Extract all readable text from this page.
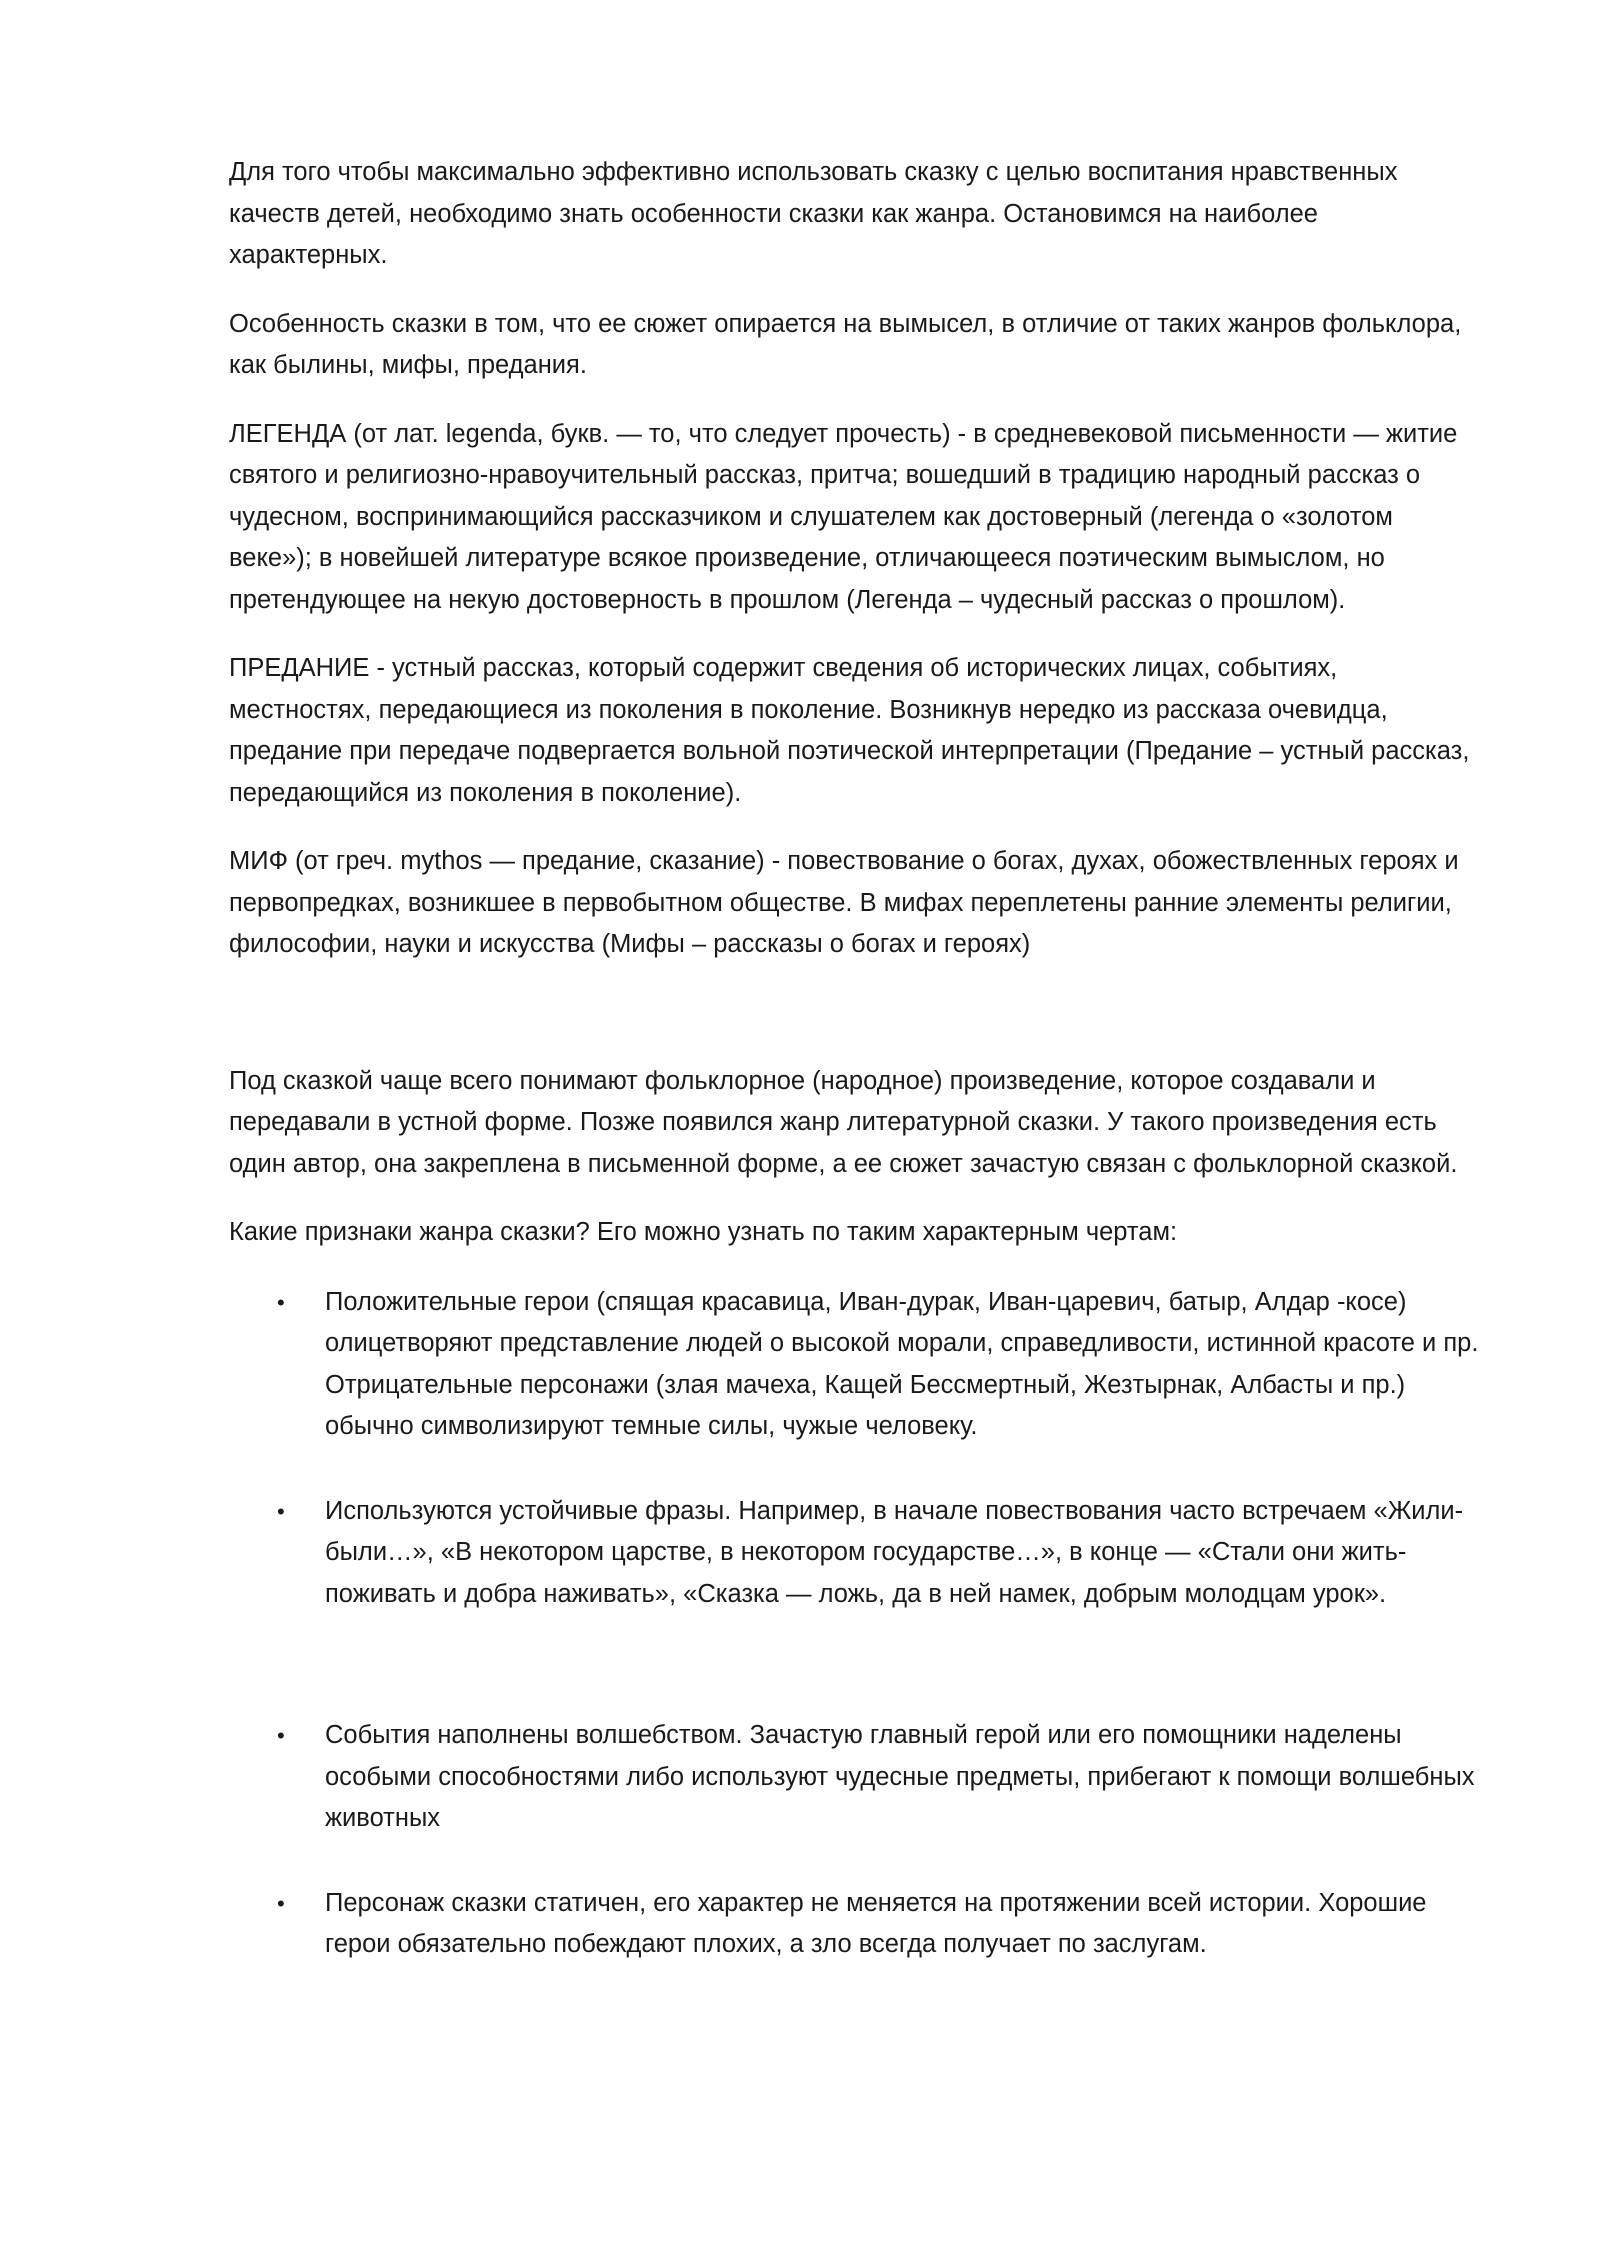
Для того чтобы максимально эффективно использовать сказку с целью воспитания нравственных качеств детей, необходимо знать особенности сказки как жанра. Остановимся на наиболее характерных.

Особенность сказки в том, что ее сюжет опирается на вымысел, в отличие от таких жанров фольклора, как былины, мифы, предания.

ЛЕГЕНДА (от лат. legenda, букв. — то, что следует прочесть) - в средневековой письменности — житие святого и религиозно-нравоучительный рассказ, притча; вошедший в традицию народный рассказ о чудесном, воспринимающийся рассказчиком и слушателем как достоверный (легенда о «золотом веке»); в новейшей литературе всякое произведение, отличающееся поэтическим вымыслом, но претендующее на некую достоверность в прошлом (Легенда – чудесный рассказ о прошлом).

ПРЕДАНИЕ - устный рассказ, который содержит сведения об исторических лицах, событиях, местностях, передающиеся из поколения в поколение. Возникнув нередко из рассказа очевидца, предание при передаче подвергается вольной поэтической интерпретации (Предание – устный рассказ, передающийся из поколения в поколение).

МИФ (от греч. mythos — предание, сказание) - повествование о богах, духах, обожествленных героях и первопредках, возникшее в первобытном обществе. В мифах переплетены ранние элементы религии, философии, науки и искусства (Мифы – рассказы о богах и героях)

Под сказкой чаще всего понимают фольклорное (народное) произведение, которое создавали и передавали в устной форме. Позже появился жанр литературной сказки. У такого произведения есть один автор, она закреплена в письменной форме, а ее сюжет зачастую связан с фольклорной сказкой.

Какие признаки жанра сказки? Его можно узнать по таким характерным чертам:

• Положительные герои (спящая красавица, Иван-дурак, Иван-царевич, батыр, Алдар -косе) олицетворяют представление людей о высокой морали, справедливости, истинной красоте и пр. Отрицательные персонажи (злая мачеха, Кащей Бессмертный, Жезтырнак, Албасты и пр.) обычно символизируют темные силы, чужые человеку.
• Используются устойчивые фразы. Например, в начале повествования часто встречаем «Жили-были…», «В некотором царстве, в некотором государстве…», в конце — «Стали они жить-поживать и добра наживать», «Сказка — ложь, да в ней намек, добрым молодцам урок».
• События наполнены волшебством. Зачастую главный герой или его помощники наделены особыми способностями либо используют чудесные предметы, прибегают к помощи волшебных животных
• Персонаж сказки статичен, его характер не меняется на протяжении всей истории. Хорошие герои обязательно побеждают плохих, а зло всегда получает по заслугам.
